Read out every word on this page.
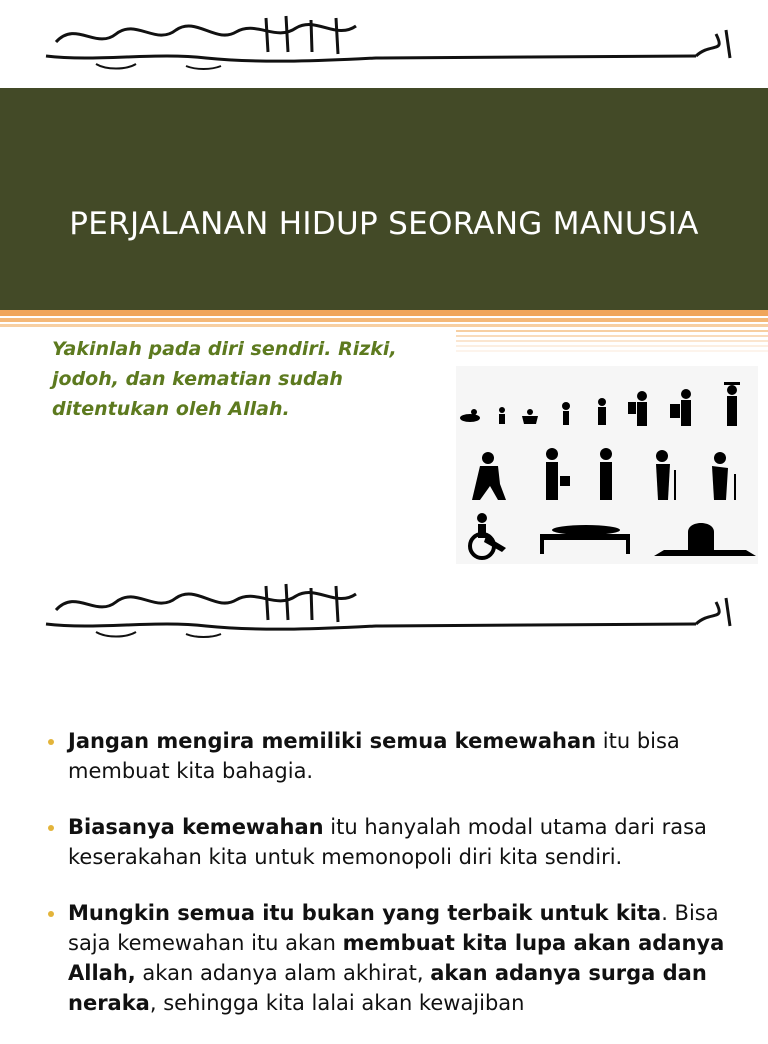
بسم الله الرحمن الرحيم
PERJALANAN HIDUP SEORANG MANUSIA
Yakinlah pada diri sendiri. Rizki, jodoh, dan kematian sudah ditentukan oleh Allah.
Jangan mengira memiliki semua kemewahan itu bisa membuat kita bahagia.
Biasanya kemewahan itu hanyalah modal utama dari rasa keserakahan kita untuk memonopoli diri kita sendiri.
Mungkin semua itu bukan yang terbaik untuk kita. Bisa saja kemewahan itu akan membuat kita lupa akan adanya Allah, akan adanya alam akhirat, akan adanya surga dan neraka, sehingga kita lalai akan kewajiban
